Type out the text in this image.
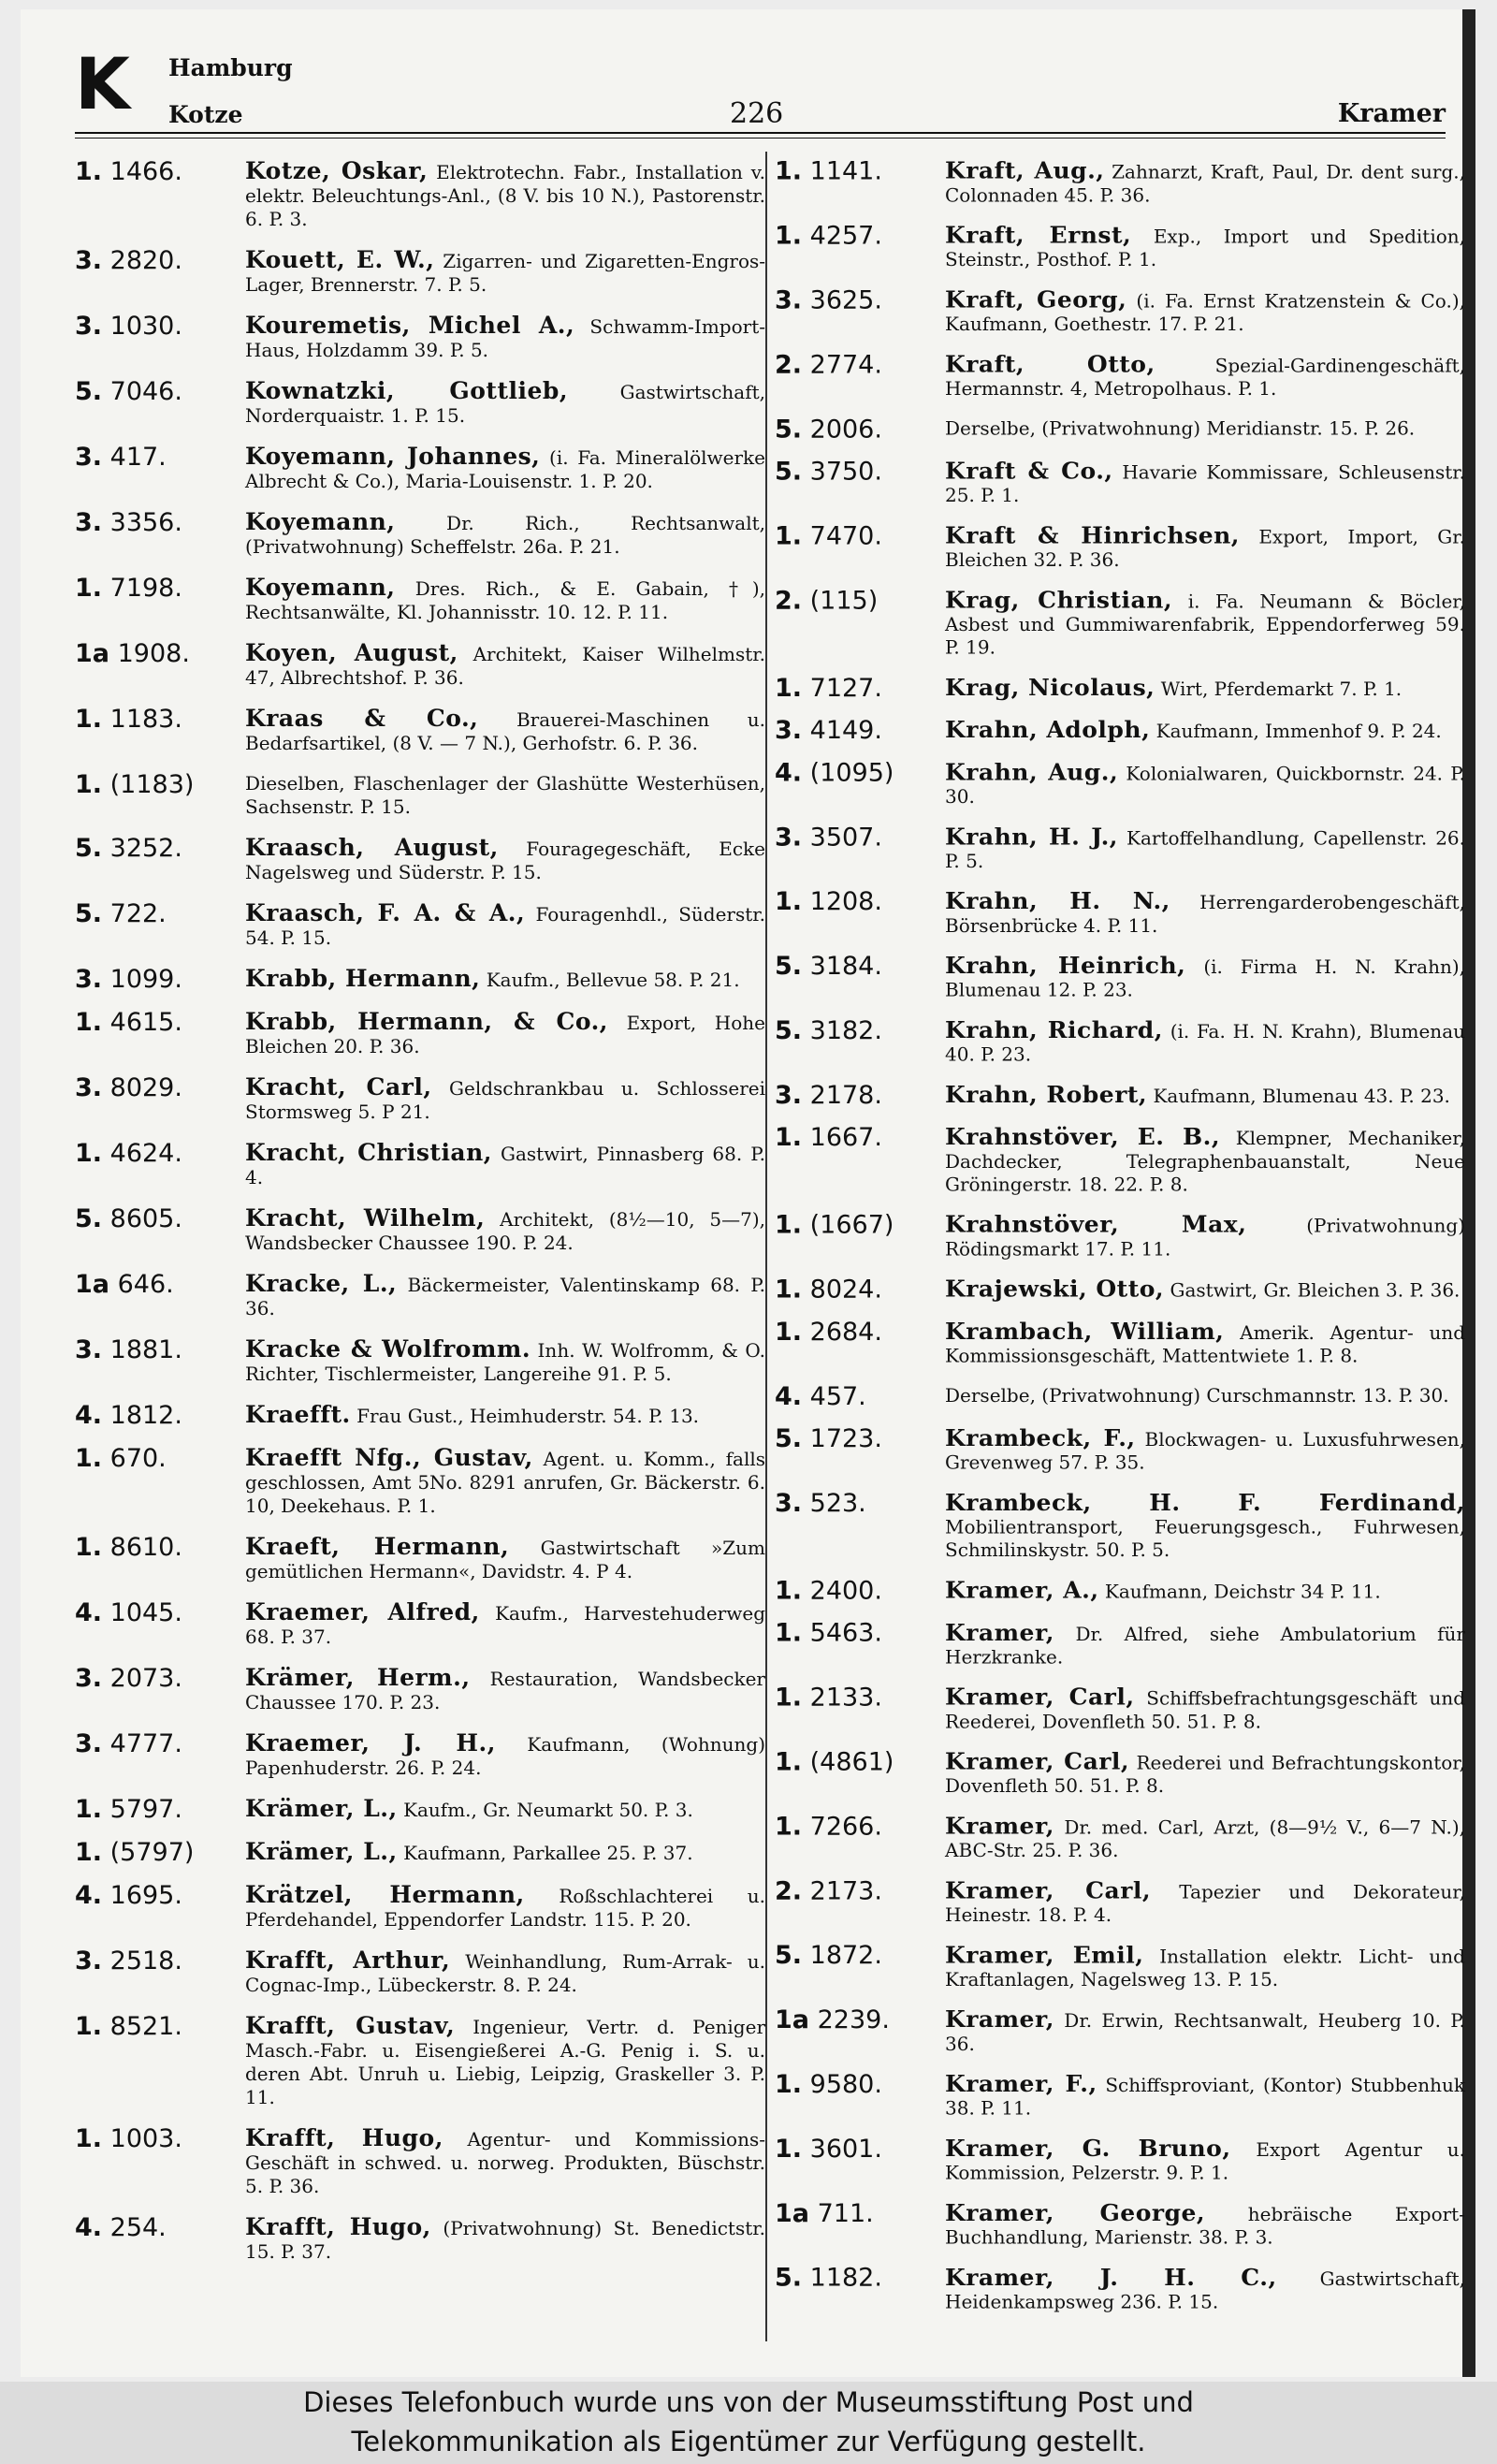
K Hamburg
Kotze	226	Kramer
1. 1466.	Kotze, Oskar, Elektrotechn. Fabr., Installation v. elektr. Beleuchtungs-Anl., (8 V. bis 10 N.), Pastorenstr. 6. P. 3.
3. 2820.	Kouett, E. W., Zigarren- und Zigaretten-Engros-Lager, Brennerstr. 7. P. 5.
3. 1030.	Kouremetis, Michel A., Schwamm-Import-Haus, Holzdamm 39. P. 5.
5. 7046.	Kownatzki, Gottlieb,	Gastwirtschaft, Norderquaistr. 1. P. 15.
3. 417.	Koyemann, Johannes, (i. Fa. Mineralölwerke Albrecht & Co.), Maria-Louisenstr. 1. P. 20.
3. 3356.	Koyemann,	Dr. Rich., Rechtsanwalt, (Privatwohnung) Scheffelstr. 26a. P. 21.
1. 7198.	Koyemann, Dres. Rich., & E. Gabain, †), Rechtsanwälte, Kl. Johannisstr. 10. 12. P. 11.
1a 1908.	Koyen, August, Architekt, Kaiser Wilhelmstr. 47, Albrechtshof. P. 36.
1. 1183.	Kraas & Co., Brauerei-Maschinen u. Bedarfsartikel, (8 V. — 7 N.), Gerhofstr. 6. P. 36.
1. (1183)	Dieselben, Flaschenlager der Glashütte Westerhüsen, Sachsenstr. P. 15.
5. 3252.	Kraasch, August, Fouragegeschäft, Ecke Nagelsweg und Süderstr. P. 15.
5. 722.	Kraasch, F. A. & A., Fouragenhdl., Süderstr. 54. P. 15.
3. 1099.	Krabb, Hermann, Kaufm., Bellevue 58. P. 21.
1. 4615.	Krabb, Hermann, & Co., Export, Hohe Bleichen 20. P. 36.
3. 8029.	Kracht, Carl, Geldschrankbau u. Schlosserei Stormsweg 5. P 21.
1. 4624.	Kracht, Christian, Gastwirt, Pinnasberg 68. P. 4.
5. 8605.	Kracht, Wilhelm, Architekt, (8½—10, 5—7), Wandsbecker Chaussee 190. P. 24.
1a 646.	Kracke, L., Bäckermeister, Valentinskamp 68. P. 36.
3. 1881.	Kracke & Wolfromm. Inh. W. Wolfromm, & O. Richter, Tischlermeister, Langereihe 91. P. 5.
4. 1812.	Kraefft. Frau Gust., Heimhuderstr. 54. P. 13.
1. 670.	Kraefft Nfg., Gustav, Agent. u. Komm., falls geschlossen, Amt 5No. 8291 anrufen, Gr. Bäckerstr. 6. 10, Deekehaus. P. 1.
1. 8610.	Kraeft, Hermann, Gastwirtschaft »Zum gemütlichen Hermann«, Davidstr. 4. P 4.
4. 1045.	Kraemer, Alfred, Kaufm., Harvestehuderweg 68. P. 37.
3. 2073.	Krämer, Herm., Restauration, Wandsbecker Chaussee 170. P. 23.
3. 4777.	Kraemer, J. H., Kaufmann, (Wohnung) Papenhuderstr. 26. P. 24.
1. 5797.	Krämer, L., Kaufm., Gr. Neumarkt 50. P. 3.
1. (5797)	Krämer, L., Kaufmann, Parkallee 25. P. 37.
4. 1695.	Krätzel, Hermann, Roßschlachterei u. Pferdehandel, Eppendorfer Landstr. 115. P. 20.
3. 2518.	Krafft, Arthur, Weinhandlung, Rum-Arrak- u. Cognac-Imp., Lübeckerstr. 8. P. 24.
1. 8521.	Krafft, Gustav, Ingenieur, Vertr. d. Peniger Masch.-Fabr. u. Eisengießerei A.-G. Penig i. S. u. deren Abt. Unruh u. Liebig, Leipzig, Graskeller 3. P. 11.
1. 1003.	Krafft, Hugo, Agentur- und Kommissions-Geschäft in schwed. u. norweg. Produkten, Büschstr. 5. P. 36.
4. 254.	Krafft, Hugo, (Privatwohnung) St. Benedictstr. 15. P. 37.
1. 1141.	Kraft, Aug., Zahnarzt, Kraft, Paul, Dr. dent surg., Colonnaden 45. P. 36.
1. 4257.	Kraft, Ernst, Exp., Import und Spedition, Steinstr., Posthof. P. 1.
3. 3625.	Kraft, Georg, (i. Fa. Ernst Kratzenstein & Co.), Kaufmann, Goethestr. 17. P. 21.
2. 2774.	Kraft, Otto,	Spezial-Gardinengeschäft, Hermannstr. 4, Metropolhaus. P. 1.
5. 2006.	Derselbe, (Privatwohnung) Meridianstr. 15. P. 26.
5. 3750.	Kraft & Co., Havarie Kommissare, Schleusenstr. 25. P. 1.
1. 7470.	Kraft & Hinrichsen, Export, Import, Gr. Bleichen 32. P. 36.
2. (115)	Krag, Christian, i. Fa. Neumann & Böcler, Asbest und Gummiwarenfabrik, Eppendorferweg 59. P. 19.
1. 7127.	Krag, Nicolaus, Wirt, Pferdemarkt 7. P. 1.
3. 4149.	Krahn, Adolph, Kaufmann, Immenhof 9. P. 24.
4. (1095)	Krahn, Aug., Kolonialwaren, Quickbornstr. 24. P. 30.
3. 3507.	Krahn, H. J., Kartoffelhandlung, Capellenstr. 26. P. 5.
1. 1208.	Krahn, H. N., Herrengarderobengeschäft, Börsenbrücke 4. P. 11.
5. 3184.	Krahn, Heinrich, (i. Firma H. N. Krahn), Blumenau 12. P. 23.
5. 3182.	Krahn, Richard, (i. Fa. H. N. Krahn), Blumenau 40. P. 23.
3. 2178.	Krahn, Robert, Kaufmann, Blumenau 43. P. 23.
1. 1667.	Krahnstöver, E. B., Klempner, Mechaniker, Dachdecker, Telegraphenbauanstalt, Neue Gröningerstr. 18. 22. P. 8.
1. (1667)	Krahnstöver, Max,	(Privatwohnung) Rödingsmarkt 17. P. 11.
1. 8024.	Krajewski, Otto, Gastwirt, Gr. Bleichen 3. P. 36.
1. 2684.	Krambach, William, Amerik. Agentur- und Kommissionsgeschäft, Mattentwiete 1. P. 8.
4. 457.	Derselbe, (Privatwohnung) Curschmannstr. 13. P. 30.
5. 1723.	Krambeck, F., Blockwagen- u. Luxusfuhrwesen, Grevenweg 57. P. 35.
3. 523.	Krambeck, H. F. Ferdinand, Mobilientransport, Feuerungsgesch., Fuhrwesen, Schmilinskystr. 50. P. 5.
1. 2400.	Kramer, A., Kaufmann, Deichstr 34 P. 11.
1. 5463.	Kramer, Dr. Alfred, siehe Ambulatorium für Herzkranke.
1. 2133.	Kramer, Carl, Schiffsbefrachtungsgeschäft und Reederei, Dovenfleth 50. 51. P. 8.
1. (4861)	Kramer, Carl, Reederei und Befrachtungskontor, Dovenfleth 50. 51. P. 8.
1. 7266.	Kramer, Dr. med. Carl, Arzt, (8—9½ V., 6—7 N.), ABC-Str. 25. P. 36.
2. 2173.	Kramer, Carl, Tapezier und Dekorateur, Heinestr. 18. P. 4.
5. 1872.	Kramer, Emil, Installation elektr. Licht- und Kraftanlagen, Nagelsweg 13. P. 15.
1a 2239.	Kramer, Dr. Erwin, Rechtsanwalt, Heuberg 10. P. 36.
1. 9580.	Kramer, F., Schiffsproviant, (Kontor) Stubbenhuk 38. P. 11.
1. 3601.	Kramer, G. Bruno, Export Agentur u. Kommission, Pelzerstr. 9. P. 1.
1a 711.	Kramer, George, hebräische Export-Buchhandlung, Marienstr. 38. P. 3.
5. 1182.	Kramer, J. H. C., Gastwirtschaft, Heidenkampsweg 236. P. 15.
Dieses Telefonbuch wurde uns von der Museumsstiftung Post und
Telekommunikation als Eigentümer zur Verfügung gestellt.
